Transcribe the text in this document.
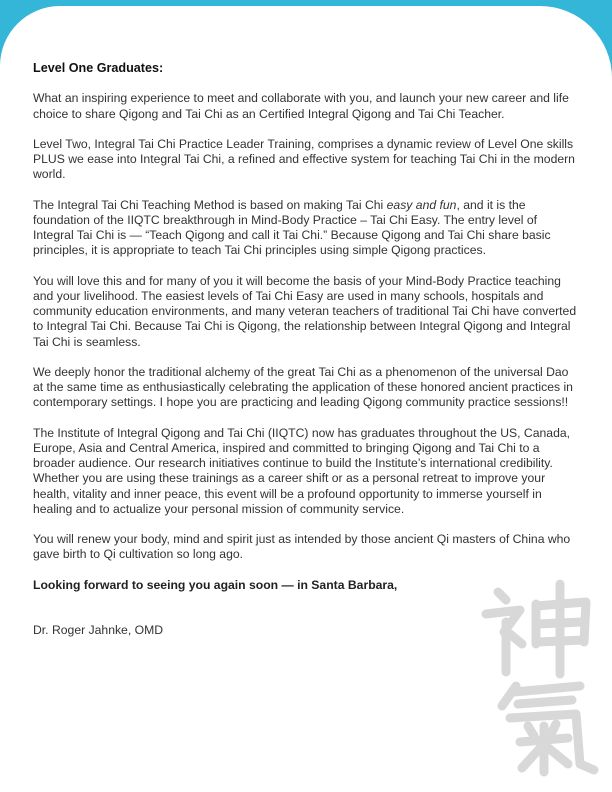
Level One Graduates:

What an inspiring experience to meet and collaborate with you, and launch your new career and life choice to share Qigong and Tai Chi as an Certified Integral Qigong and Tai Chi Teacher.

Level Two, Integral Tai Chi Practice Leader Training, comprises a dynamic review of Level One skills PLUS we ease into Integral Tai Chi, a refined and effective system for teaching Tai Chi in the modern world.

The Integral Tai Chi Teaching Method is based on making Tai Chi easy and fun, and it is the foundation of the IIQTC breakthrough in Mind-Body Practice – Tai Chi Easy. The entry level of Integral Tai Chi is — “Teach Qigong and call it Tai Chi.” Because Qigong and Tai Chi share basic principles, it is appropriate to teach Tai Chi principles using simple Qigong practices.

You will love this and for many of you it will become the basis of your Mind-Body Practice teaching and your livelihood. The easiest levels of Tai Chi Easy are used in many schools, hospitals and community education environments, and many veteran teachers of traditional Tai Chi have converted to Integral Tai Chi. Because Tai Chi is Qigong, the relationship between Integral Qigong and Integral Tai Chi is seamless.

We deeply honor the traditional alchemy of the great Tai Chi as a phenomenon of the universal Dao at the same time as enthusiastically celebrating the application of these honored ancient practices in contemporary settings. I hope you are practicing and leading Qigong community practice sessions!!

The Institute of Integral Qigong and Tai Chi (IIQTC) now has graduates throughout the US, Canada, Europe, Asia and Central America, inspired and committed to bringing Qigong and Tai Chi to a broader audience. Our research initiatives continue to build the Institute’s international credibility. Whether you are using these trainings as a career shift or as a personal retreat to improve your health, vitality and inner peace, this event will be a profound opportunity to immerse yourself in healing and to actualize your personal mission of community service.

You will renew your body, mind and spirit just as intended by those ancient Qi masters of China who gave birth to Qi cultivation so long ago.

Looking forward to seeing you again soon — in Santa Barbara,

Dr. Roger Jahnke, OMD
